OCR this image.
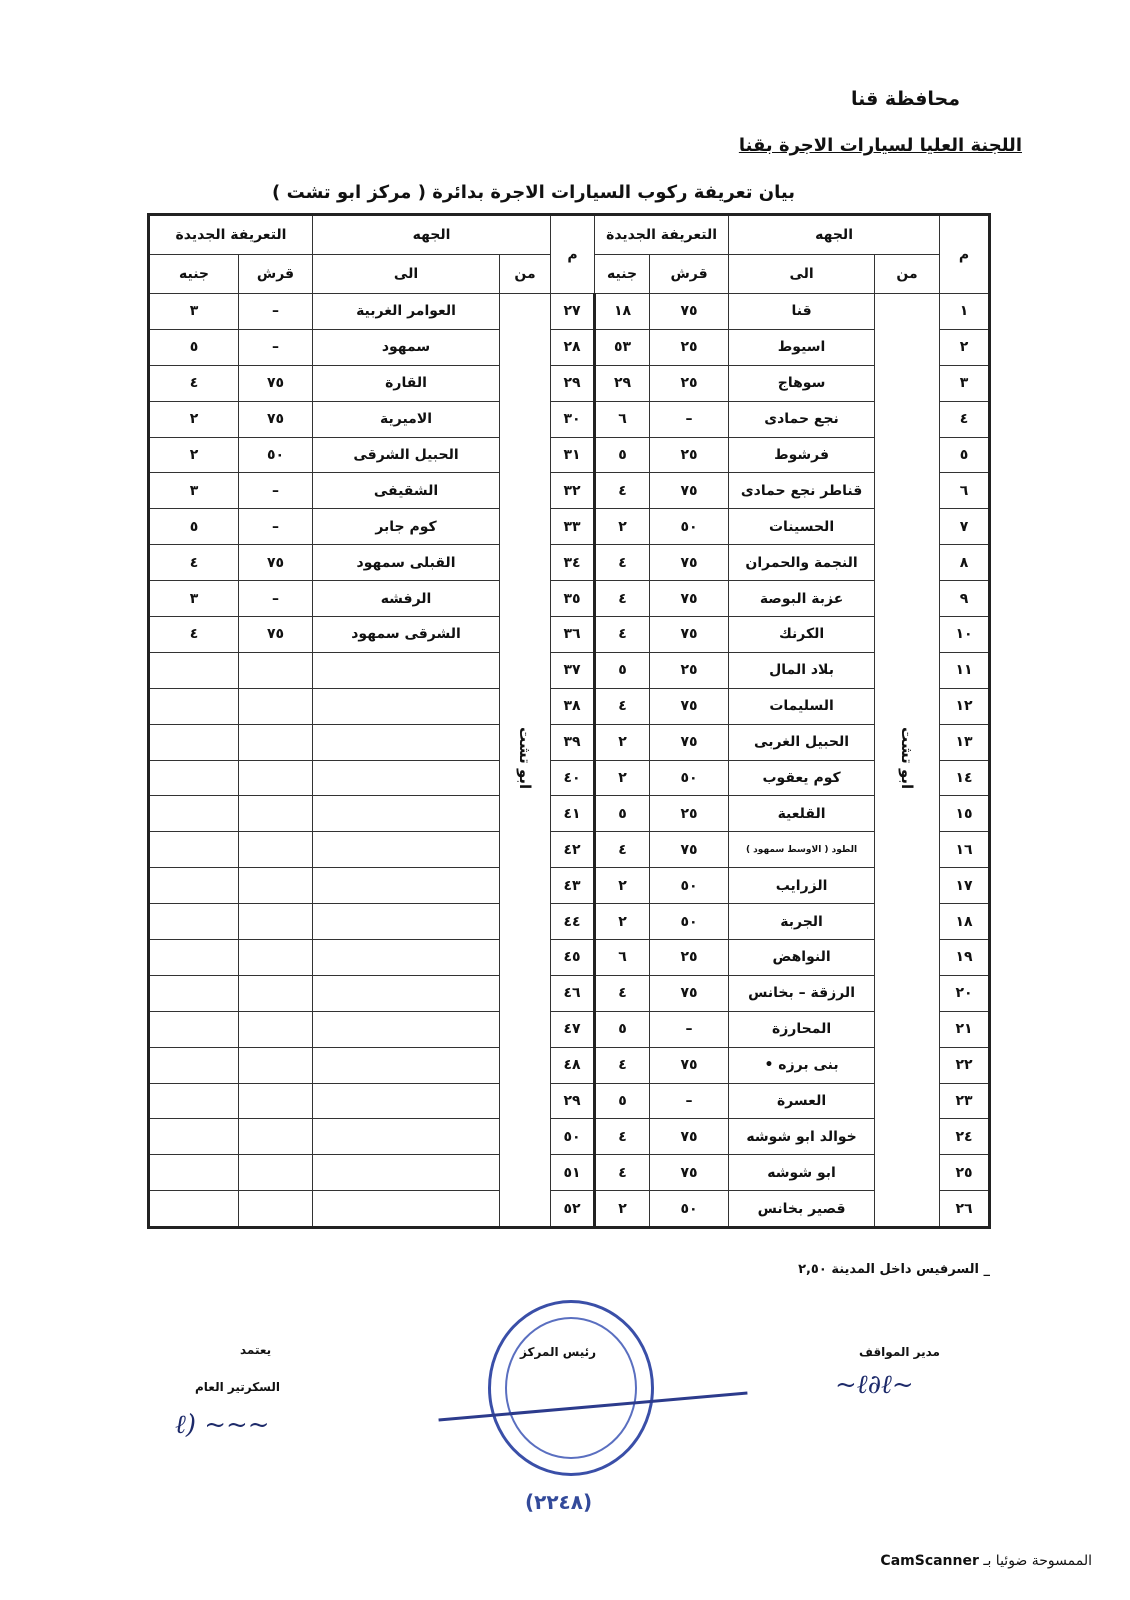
محافظة قنا
اللجنة العليا لسيارات الاجرة بقنا
بيان تعريفة ركوب السيارات الاجرة بدائرة ( مركز ابو تشت )
م	الجهه		التعريفة الجديدة		م	الجهه		التعريفة الجديدة	
	من	الى	قرش	جنيه		من	الى	قرش	جنيه
١	ابو تشت	قنا	٧٥	١٨	٢٧	ابو تشت	العوامر الغربية	–	٣
٢		اسيوط	٢٥	٥٣	٢٨		سمهود	–	٥
٣		سوهاج	٢٥	٢٩	٢٩		القارة	٧٥	٤
٤		نجع حمادى	–	٦	٣٠		الاميرية	٧٥	٢
٥		فرشوط	٢٥	٥	٣١		الحبيل الشرقى	٥٠	٢
٦		قناطر نجع حمادى	٧٥	٤	٣٢		الشقيفى	–	٣
٧		الحسينات	٥٠	٢	٣٣		كوم جابر	–	٥
٨		النجمة والحمران	٧٥	٤	٣٤		القبلى سمهود	٧٥	٤
٩		عزبة البوصة	٧٥	٤	٣٥		الرفشه	–	٣
١٠		الكرنك	٧٥	٤	٣٦		الشرقى سمهود	٧٥	٤
١١		بلاد المال	٢٥	٥	٣٧				
١٢		السليمات	٧٥	٤	٣٨				
١٣		الحبيل الغربى	٧٥	٢	٣٩				
١٤		كوم يعقوب	٥٠	٢	٤٠				
١٥		القلعية	٢٥	٥	٤١				
١٦		الطود ( الاوسط سمهود )	٧٥	٤	٤٢				
١٧		الزرايب	٥٠	٢	٤٣				
١٨		الجربة	٥٠	٢	٤٤				
١٩		النواهض	٢٥	٦	٤٥				
٢٠		الرزقة – بخانس	٧٥	٤	٤٦				
٢١		المحارزة	–	٥	٤٧				
٢٢		بنى برزه •	٧٥	٤	٤٨				
٢٣		العسرة	–	٥	٢٩				
٢٤		خوالد ابو شوشه	٧٥	٤	٥٠				
٢٥		ابو شوشه	٧٥	٤	٥١				
٢٦		قصير بخانس	٥٠	٢	٥٢				
_ السرفيس داخل المدينة ٢,٥٠
مدير المواقف
~ℓ∂ℓ~
رئيس المركز
يعتمد
السكرتير العام
ℓ) ~~~
(٢٢٤٨)
الممسوحة ضوئيا بـ CamScanner
